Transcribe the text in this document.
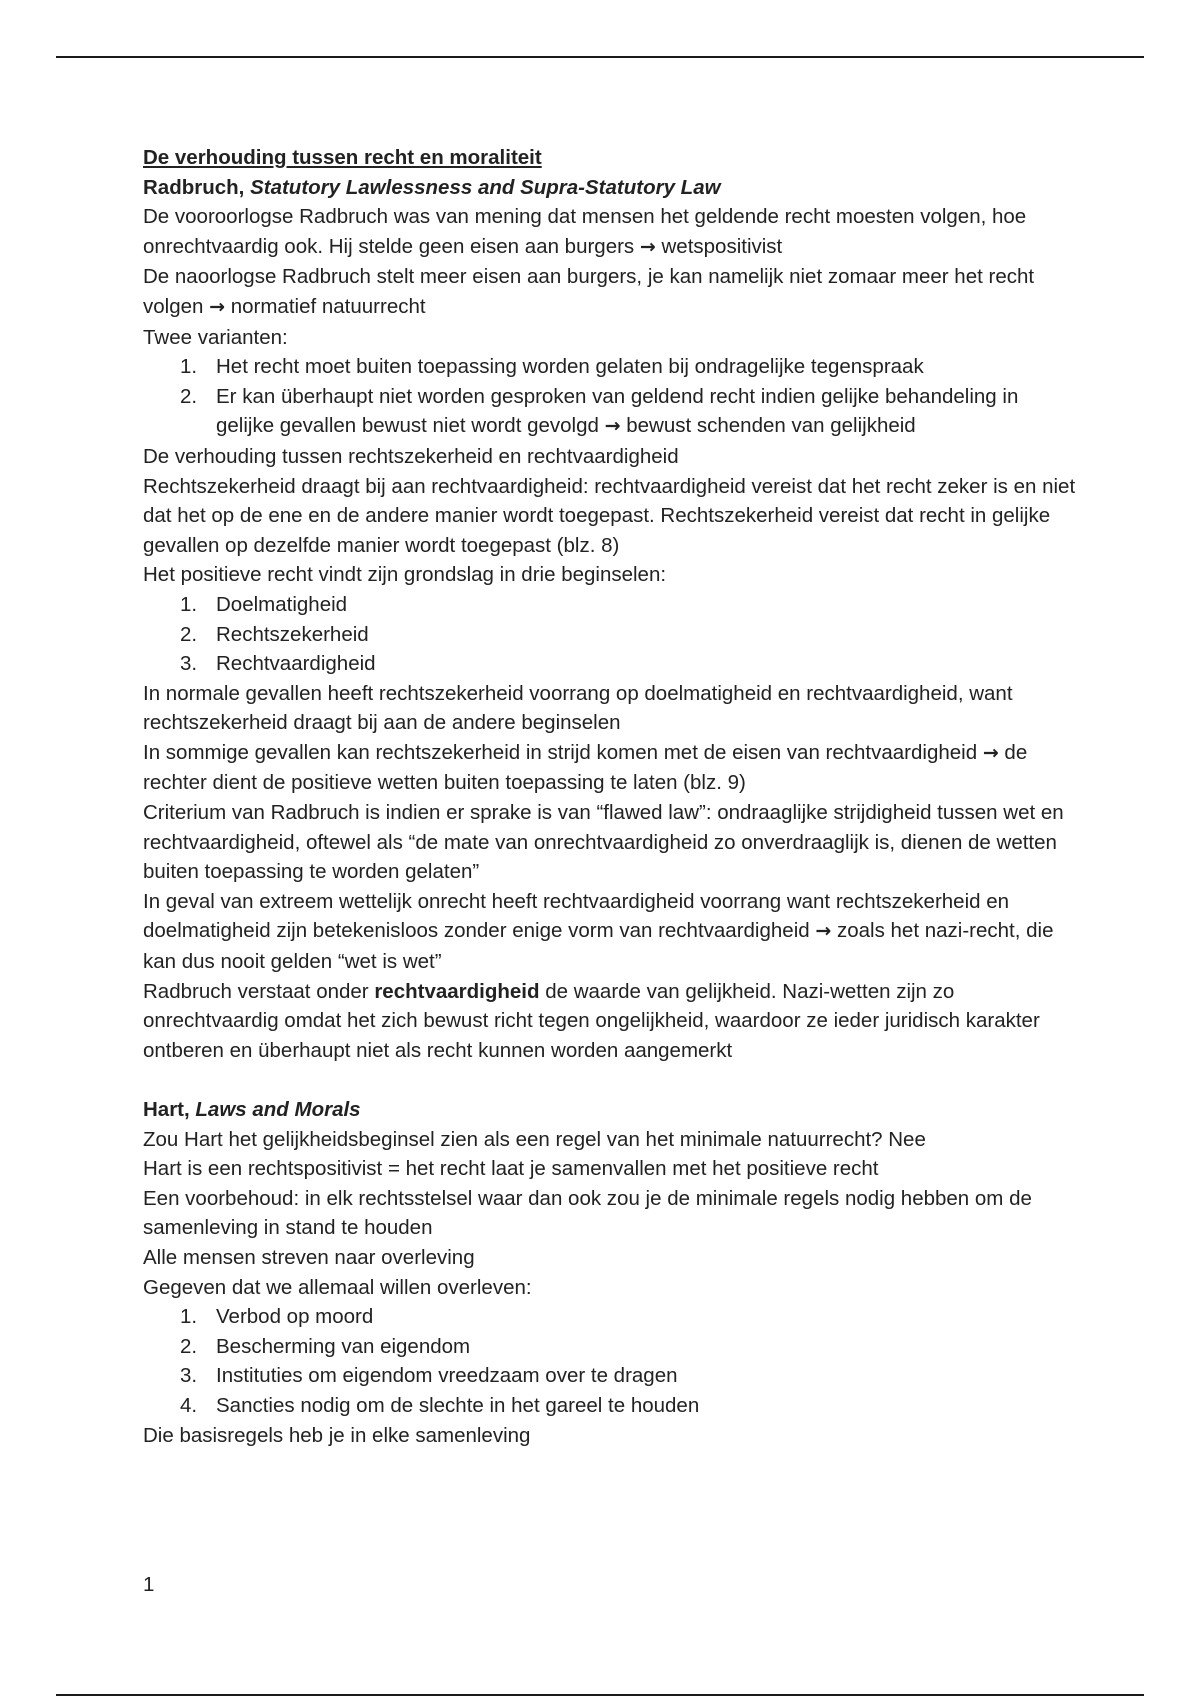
De verhouding tussen recht en moraliteit

Radbruch, Statutory Lawlessness and Supra-Statutory Law

De vooroorlogse Radbruch was van mening dat mensen het geldende recht moesten volgen, hoe onrechtvaardig ook. Hij stelde geen eisen aan burgers → wetspositivist

De naoorlogse Radbruch stelt meer eisen aan burgers, je kan namelijk niet zomaar meer het recht volgen → normatief natuurrecht

Twee varianten:

1. Het recht moet buiten toepassing worden gelaten bij ondragelijke tegenspraak
2. Er kan überhaupt niet worden gesproken van geldend recht indien gelijke behandeling in gelijke gevallen bewust niet wordt gevolgd → bewust schenden van gelijkheid

De verhouding tussen rechtszekerheid en rechtvaardigheid

Rechtszekerheid draagt bij aan rechtvaardigheid: rechtvaardigheid vereist dat het recht zeker is en niet dat het op de ene en de andere manier wordt toegepast. Rechtszekerheid vereist dat recht in gelijke gevallen op dezelfde manier wordt toegepast (blz. 8)

Het positieve recht vindt zijn grondslag in drie beginselen:

1. Doelmatigheid
2. Rechtszekerheid
3. Rechtvaardigheid

In normale gevallen heeft rechtszekerheid voorrang op doelmatigheid en rechtvaardigheid, want rechtszekerheid draagt bij aan de andere beginselen

In sommige gevallen kan rechtszekerheid in strijd komen met de eisen van rechtvaardigheid → de rechter dient de positieve wetten buiten toepassing te laten (blz. 9)

Criterium van Radbruch is indien er sprake is van “flawed law”: ondraaglijke strijdigheid tussen wet en rechtvaardigheid, oftewel als “de mate van onrechtvaardigheid zo onverdraaglijk is, dienen de wetten buiten toepassing te worden gelaten”

In geval van extreem wettelijk onrecht heeft rechtvaardigheid voorrang want rechtszekerheid en doelmatigheid zijn betekenisloos zonder enige vorm van rechtvaardigheid → zoals het nazi-recht, die kan dus nooit gelden “wet is wet”

Radbruch verstaat onder rechtvaardigheid de waarde van gelijkheid. Nazi-wetten zijn zo onrechtvaardig omdat het zich bewust richt tegen ongelijkheid, waardoor ze ieder juridisch karakter ontberen en überhaupt niet als recht kunnen worden aangemerkt

Hart, Laws and Morals

Zou Hart het gelijkheidsbeginsel zien als een regel van het minimale natuurrecht? Nee

Hart is een rechtspositivist = het recht laat je samenvallen met het positieve recht

Een voorbehoud: in elk rechtsstelsel waar dan ook zou je de minimale regels nodig hebben om de samenleving in stand te houden

Alle mensen streven naar overleving

Gegeven dat we allemaal willen overleven:

1. Verbod op moord
2. Bescherming van eigendom
3. Instituties om eigendom vreedzaam over te dragen
4. Sancties nodig om de slechte in het gareel te houden

Die basisregels heb je in elke samenleving

1
